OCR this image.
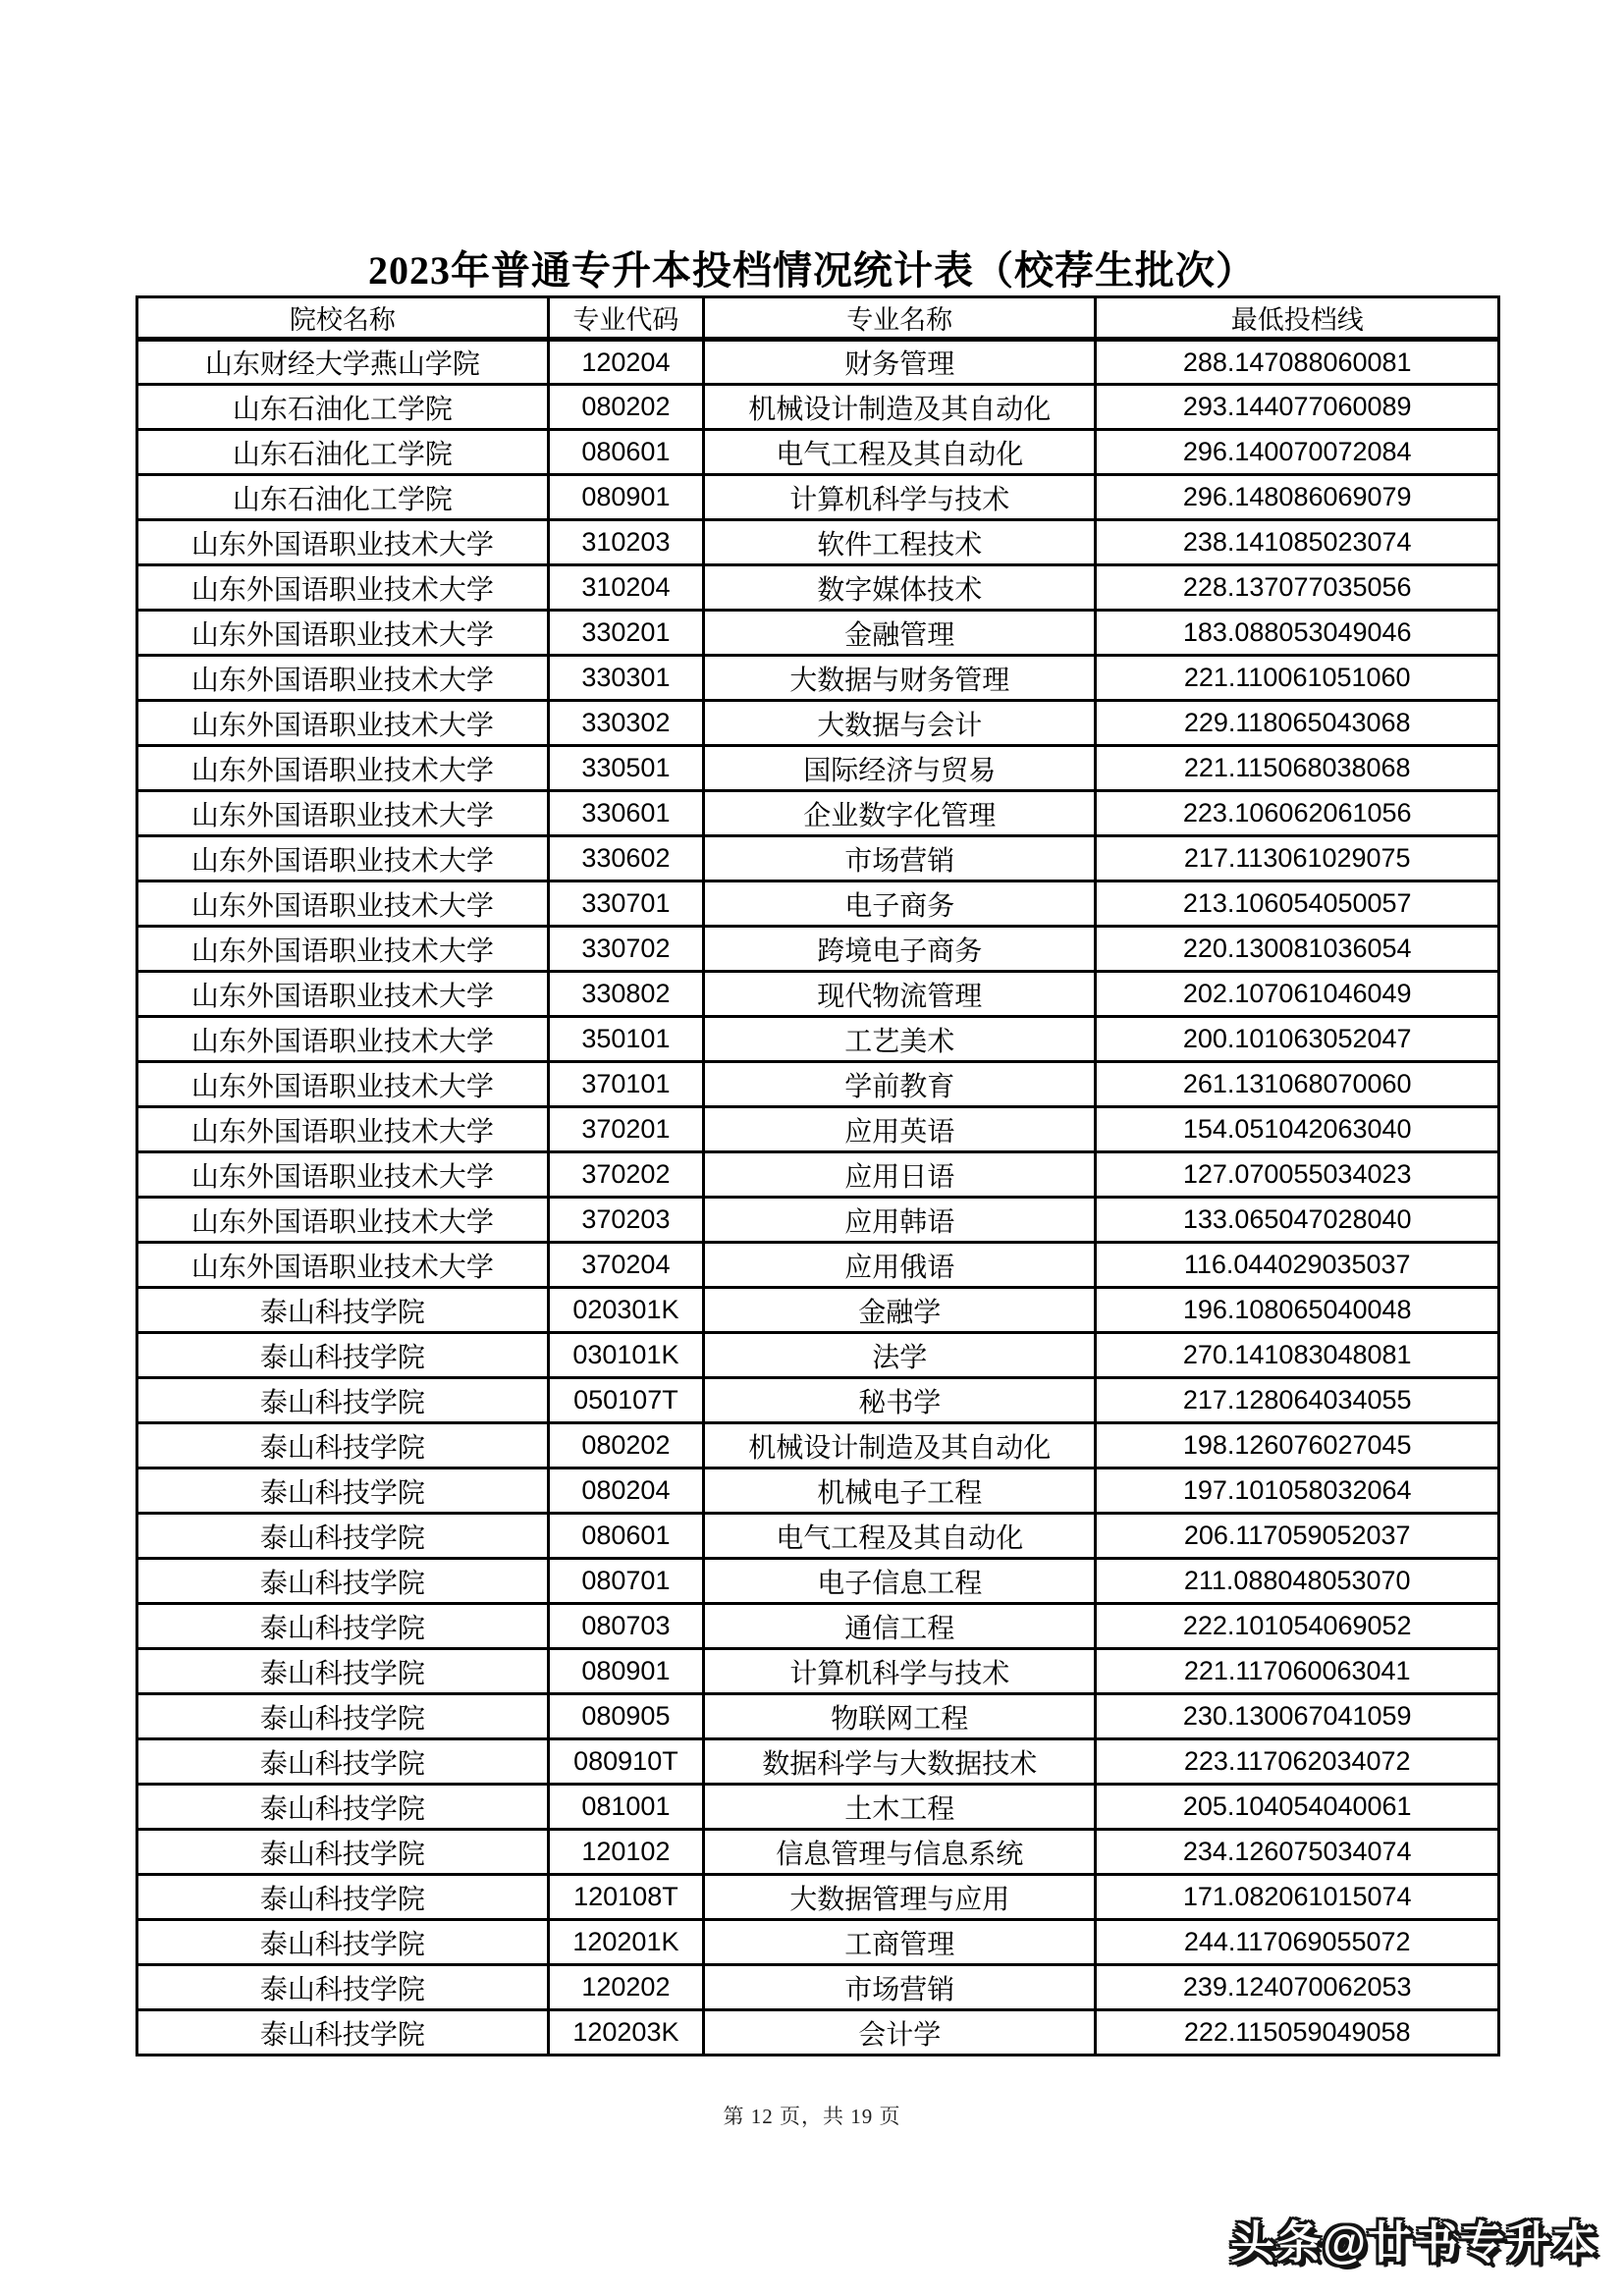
2023年普通专升本投档情况统计表（校荐生批次）
院校名称	专业代码	专业名称	最低投档线
山东财经大学燕山学院	120204	财务管理	288.147088060081
山东石油化工学院	080202	机械设计制造及其自动化	293.144077060089
山东石油化工学院	080601	电气工程及其自动化	296.140070072084
山东石油化工学院	080901	计算机科学与技术	296.148086069079
山东外国语职业技术大学	310203	软件工程技术	238.141085023074
山东外国语职业技术大学	310204	数字媒体技术	228.137077035056
山东外国语职业技术大学	330201	金融管理	183.088053049046
山东外国语职业技术大学	330301	大数据与财务管理	221.110061051060
山东外国语职业技术大学	330302	大数据与会计	229.118065043068
山东外国语职业技术大学	330501	国际经济与贸易	221.115068038068
山东外国语职业技术大学	330601	企业数字化管理	223.106062061056
山东外国语职业技术大学	330602	市场营销	217.113061029075
山东外国语职业技术大学	330701	电子商务	213.106054050057
山东外国语职业技术大学	330702	跨境电子商务	220.130081036054
山东外国语职业技术大学	330802	现代物流管理	202.107061046049
山东外国语职业技术大学	350101	工艺美术	200.101063052047
山东外国语职业技术大学	370101	学前教育	261.131068070060
山东外国语职业技术大学	370201	应用英语	154.051042063040
山东外国语职业技术大学	370202	应用日语	127.070055034023
山东外国语职业技术大学	370203	应用韩语	133.065047028040
山东外国语职业技术大学	370204	应用俄语	116.044029035037
泰山科技学院	020301K	金融学	196.108065040048
泰山科技学院	030101K	法学	270.141083048081
泰山科技学院	050107T	秘书学	217.128064034055
泰山科技学院	080202	机械设计制造及其自动化	198.126076027045
泰山科技学院	080204	机械电子工程	197.101058032064
泰山科技学院	080601	电气工程及其自动化	206.117059052037
泰山科技学院	080701	电子信息工程	211.088048053070
泰山科技学院	080703	通信工程	222.101054069052
泰山科技学院	080901	计算机科学与技术	221.117060063041
泰山科技学院	080905	物联网工程	230.130067041059
泰山科技学院	080910T	数据科学与大数据技术	223.117062034072
泰山科技学院	081001	土木工程	205.104054040061
泰山科技学院	120102	信息管理与信息系统	234.126075034074
泰山科技学院	120108T	大数据管理与应用	171.082061015074
泰山科技学院	120201K	工商管理	244.117069055072
泰山科技学院	120202	市场营销	239.124070062053
泰山科技学院	120203K	会计学	222.115059049058
第 12 页，共 19 页
头条@廿书专升本
